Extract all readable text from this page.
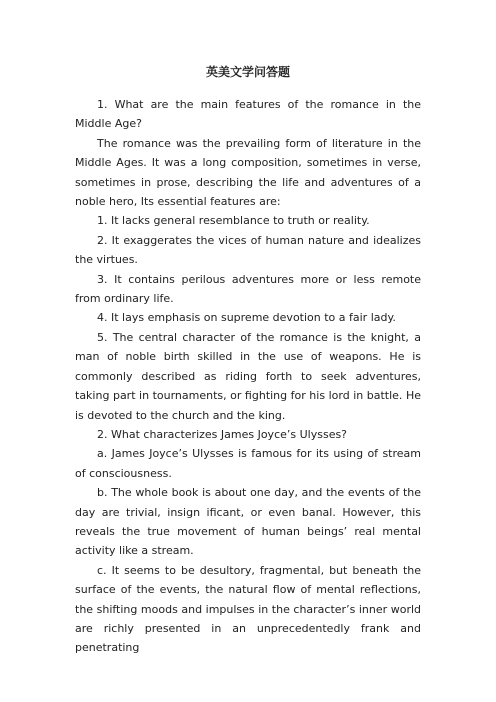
英美文学问答题

1. What are the main features of the romance in the Middle Age?

The romance was the prevailing form of literature in the Middle Ages. It was a long composition, sometimes in verse, sometimes in prose, describing the life and adventures of a noble hero, Its essential features are:

1. It lacks general resemblance to truth or reality.

2. It exaggerates the vices of human nature and idealizes the virtues.

3. It contains perilous adventures more or less remote from ordinary life.

4. It lays emphasis on supreme devotion to a fair lady.

5. The central character of the romance is the knight, a man of noble birth skilled in the use of weapons. He is commonly described as riding forth to seek adventures, taking part in tournaments, or fighting for his lord in battle. He is devoted to the church and the king.

2. What characterizes James Joyce’s Ulysses?

a. James Joyce’s Ulysses is famous for its using of stream of consciousness.

b. The whole book is about one day, and the events of the day are trivial, insign ificant, or even banal. However, this reveals the true movement of human beings’ real mental activity like a stream.

c. It seems to be desultory, fragmental, but beneath the surface of the events, the natural flow of mental reflections, the shifting moods and impulses in the character’s inner world are richly presented in an unprecedentedly frank and penetrating
